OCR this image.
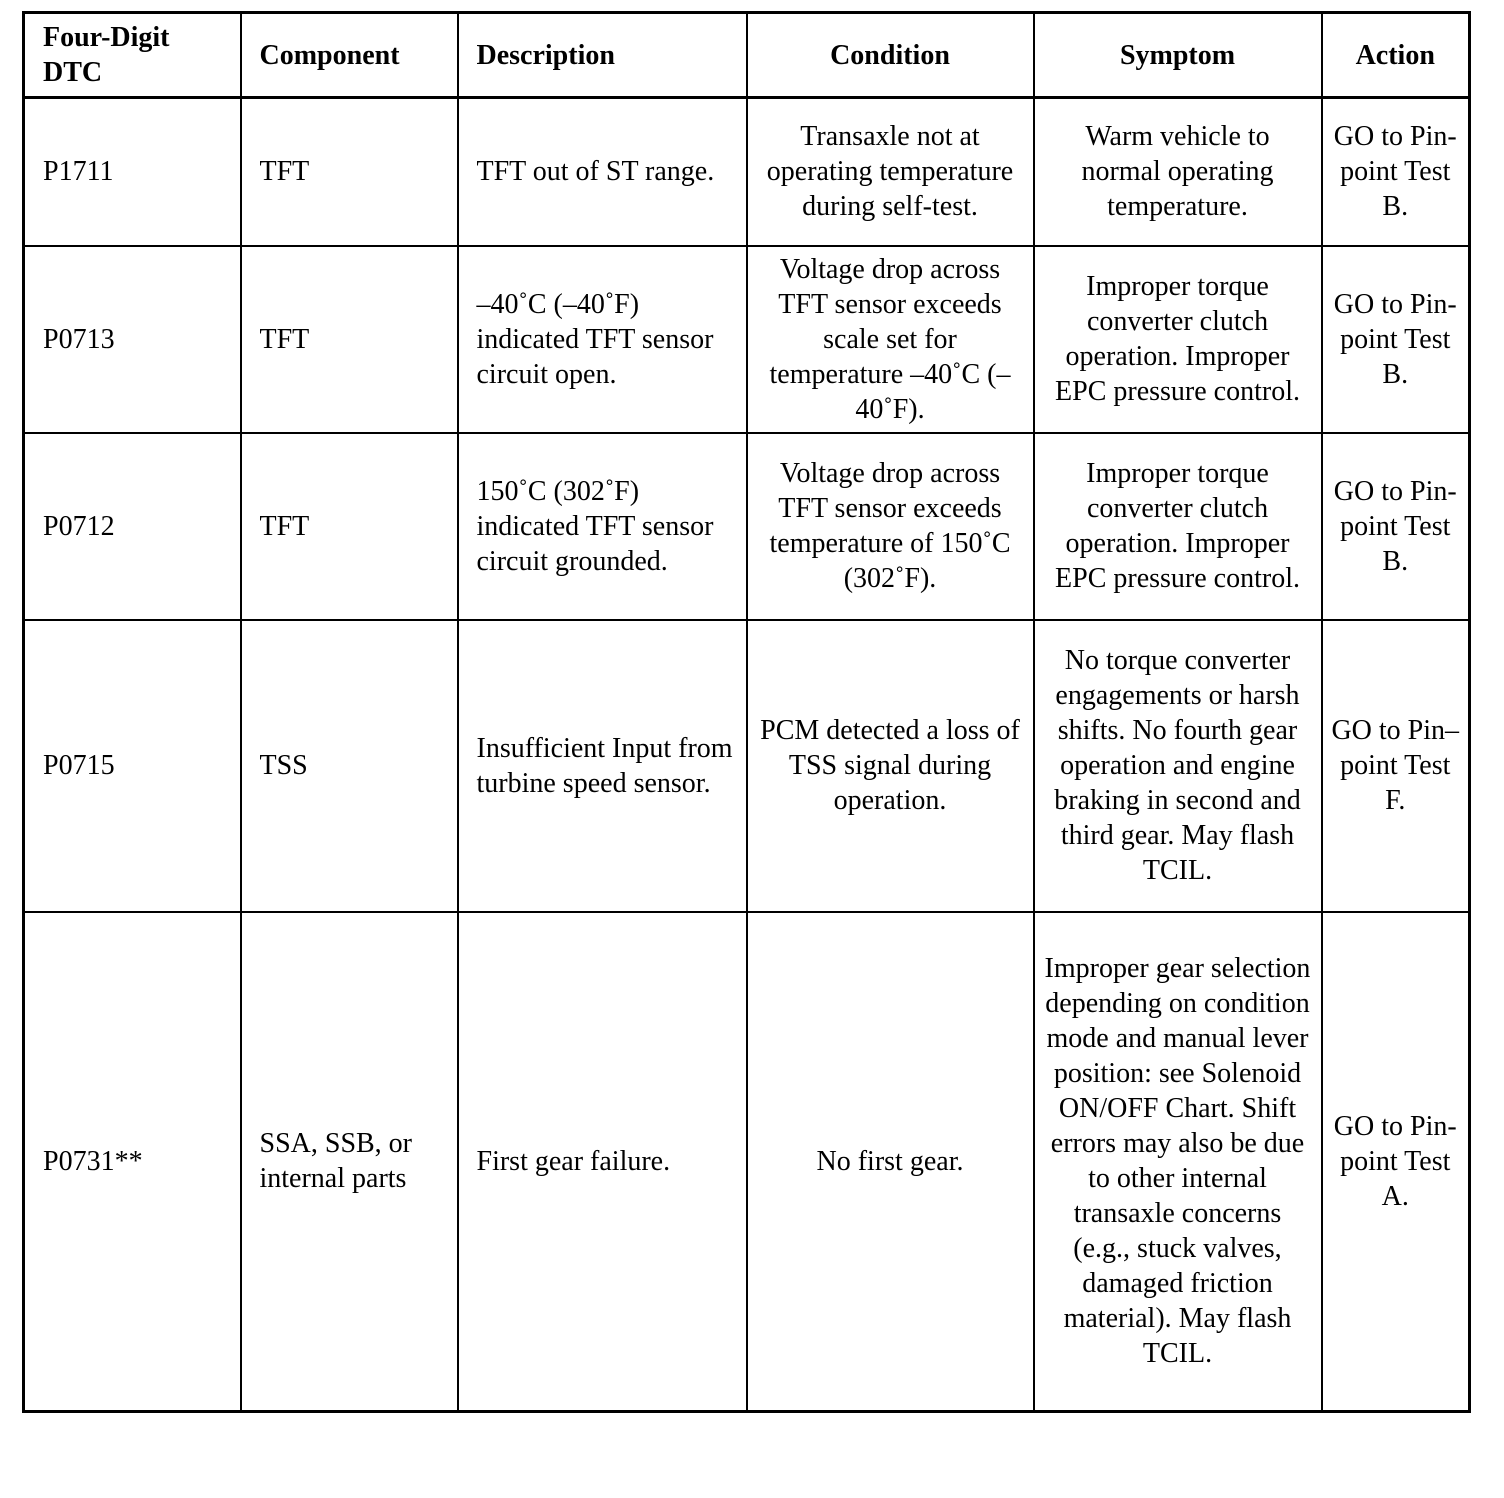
Four-Digit DTC	Component	Description	Condition	Symptom	Action
P1711	TFT	TFT out of ST range.	Transaxle not at operating temperature during self-test.	Warm vehicle to normal operating temperature.	GO to Pin-point Test B.
P0713	TFT	–40˚C (–40˚F) indicated TFT sensor circuit open.	Voltage drop across TFT sensor exceeds scale set for temperature –40˚C (–40˚F).	Improper torque converter clutch operation. Improper EPC pressure control.	GO to Pin-point Test B.
P0712	TFT	150˚C (302˚F) indicated TFT sensor circuit grounded.	Voltage drop across TFT sensor exceeds temperature of 150˚C (302˚F).	Improper torque converter clutch operation. Improper EPC pressure control.	GO to Pin-point Test B.
P0715	TSS	Insufficient Input from turbine speed sensor.	PCM detected a loss of TSS signal during operation.	No torque converter engagements or harsh shifts. No fourth gear operation and engine braking in second and third gear. May flash TCIL.	GO to Pin–point Test F.
P0731**	SSA, SSB, or internal parts	First gear failure.	No first gear.	Improper gear selection depending on condition mode and manual lever position: see Solenoid ON/OFF Chart. Shift errors may also be due to other internal transaxle concerns (e.g., stuck valves, damaged friction material). May flash TCIL.	GO to Pin-point Test A.
